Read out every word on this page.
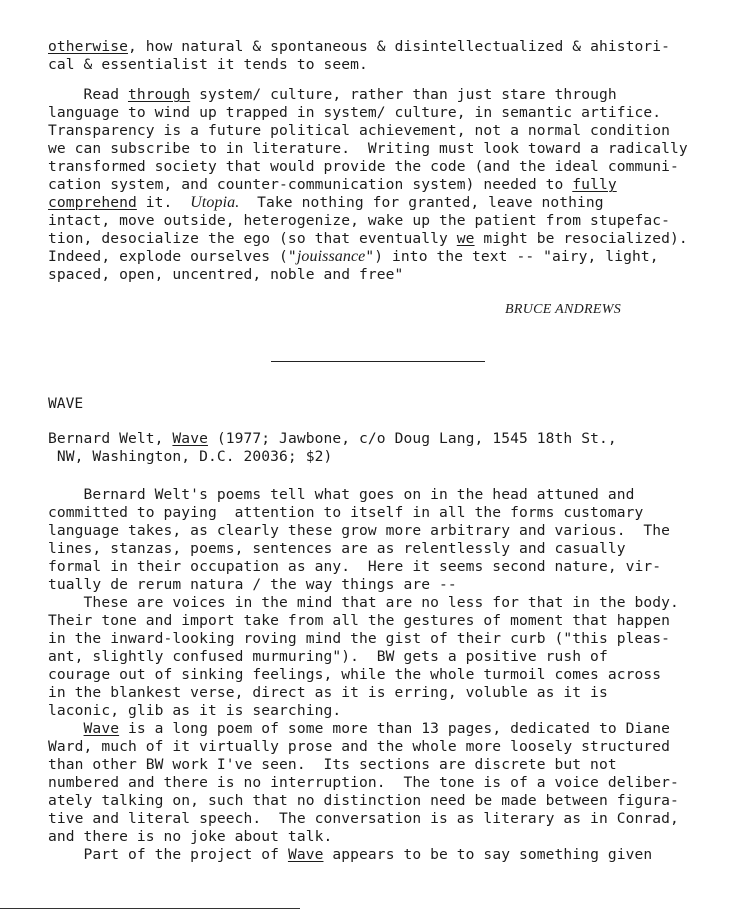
otherwise, how natural & spontaneous & disintellectualized & ahistori-
cal & essentialist it tends to seem.
Read through system/ culture, rather than just stare through
language to wind up trapped in system/ culture, in semantic artifice.
Transparency is a future political achievement, not a normal condition
we can subscribe to in literature.  Writing must look toward a radically
transformed society that would provide the code (and the ideal communi-
cation system, and counter-communication system) needed to fully
comprehend it.  Utopia.  Take nothing for granted, leave nothing
intact, move outside, heterogenize, wake up the patient from stupefac-
tion, desocialize the ego (so that eventually we might be resocialized).
Indeed, explode ourselves ("jouissance") into the text -- "airy, light,
spaced, open, uncentred, noble and free"
BRUCE ANDREWS
WAVE
Bernard Welt, Wave (1977; Jawbone, c/o Doug Lang, 1545 18th St.,
NW, Washington, D.C. 20036; $2)
Bernard Welt's poems tell what goes on in the head attuned and
committed to paying  attention to itself in all the forms customary
language takes, as clearly these grow more arbitrary and various.  The
lines, stanzas, poems, sentences are as relentlessly and casually
formal in their occupation as any.  Here it seems second nature, vir-
tually de rerum natura / the way things are --
These are voices in the mind that are no less for that in the body.
Their tone and import take from all the gestures of moment that happen
in the inward-looking roving mind the gist of their curb ("this pleas-
ant, slightly confused murmuring").  BW gets a positive rush of
courage out of sinking feelings, while the whole turmoil comes across
in the blankest verse, direct as it is erring, voluble as it is
laconic, glib as it is searching.
Wave is a long poem of some more than 13 pages, dedicated to Diane
Ward, much of it virtually prose and the whole more loosely structured
than other BW work I've seen.  Its sections are discrete but not
numbered and there is no interruption.  The tone is of a voice deliber-
ately talking on, such that no distinction need be made between figura-
tive and literal speech.  The conversation is as literary as in Conrad,
and there is no joke about talk.
Part of the project of Wave appears to be to say something given
